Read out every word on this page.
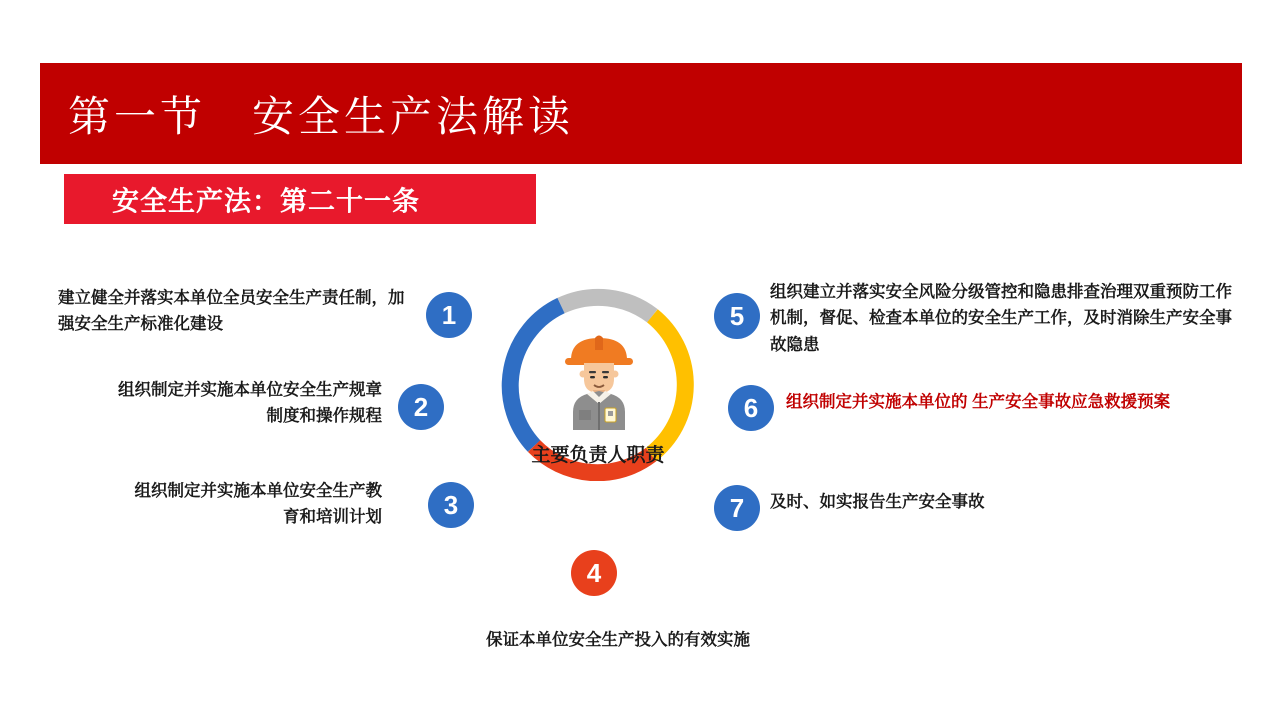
第一节　安全生产法解读
安全生产法：第二十一条
主要负责人职责
1
2
3
4
5
6
7
建立健全并落实本单位全员安全生产责任制，加强安全生产标准化建设
组织制定并实施本单位安全生产规章制度和操作规程
组织制定并实施本单位安全生产教育和培训计划
保证本单位安全生产投入的有效实施
组织建立并落实安全风险分级管控和隐患排查治理双重预防工作机制，督促、检查本单位的安全生产工作，及时消除生产安全事故隐患
组织制定并实施本单位的 生产安全事故应急救援预案
及时、如实报告生产安全事故
